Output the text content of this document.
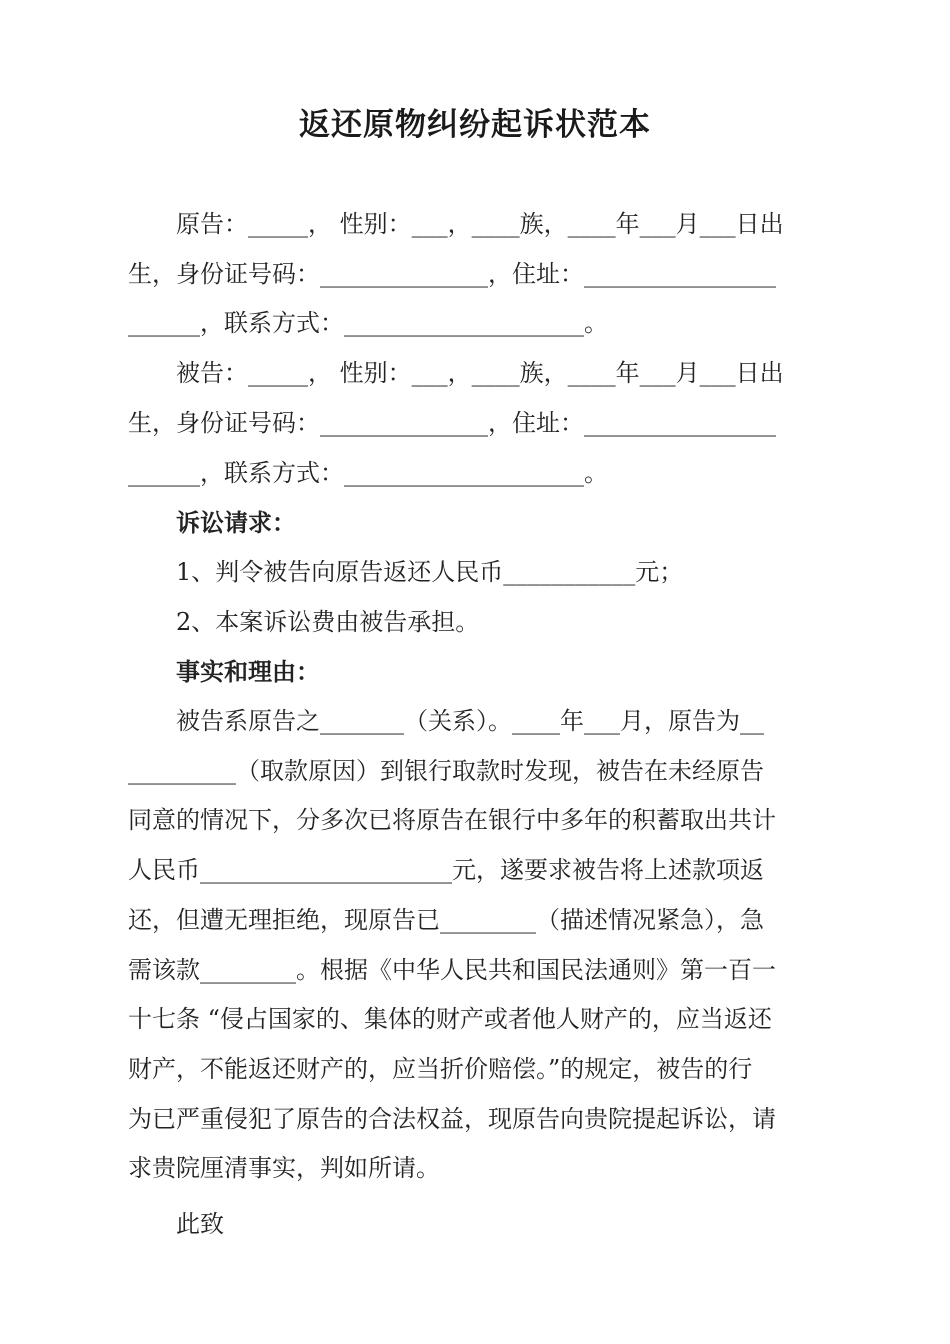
返还原物纠纷起诉状范本
原告：_____， 性别：___，____族，____年___月___日出
生，身份证号码：______________，住址：________________
______，联系方式：____________________。
被告：_____， 性别：___，____族，____年___月___日出
生，身份证号码：______________，住址：________________
______，联系方式：____________________。

诉讼请求：

1、判令被告向原告返还人民币___________元；

2、本案诉讼费由被告承担。

事实和理由：

被告系原告之_______（关系）。____年___月，原告为__
_________（取款原因）到银行取款时发现，被告在未经原告
同意的情况下，分多次已将原告在银行中多年的积蓄取出共计
人民币_____________________元，遂要求被告将上述款项返
还，但遭无理拒绝，现原告已________（描述情况紧急），急
需该款________。根据《中华人民共和国民法通则》第一百一
十七条 “侵占国家的、集体的财产或者他人财产的，应当返还
财产，不能返还财产的，应当折价赔偿。”的规定，被告的行
为已严重侵犯了原告的合法权益，现原告向贵院提起诉讼，请
求贵院厘清事实，判如所请。

此致
